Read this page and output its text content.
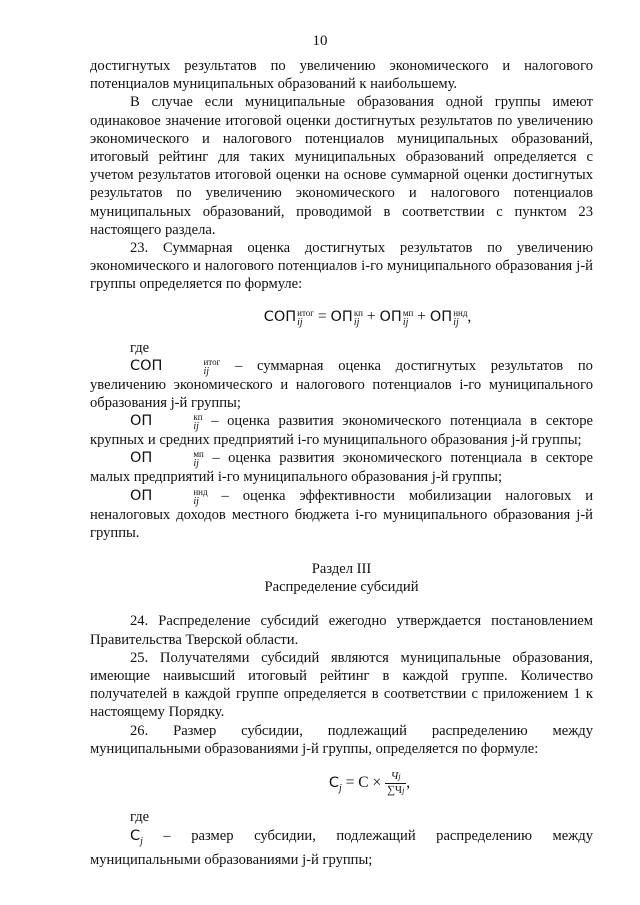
10

достигнутых результатов по увеличению экономического и налогового потенциалов муниципальных образований к наибольшему.

В случае если муниципальные образования одной группы имеют одинаковое значение итоговой оценки достигнутых результатов по увеличению экономического и налогового потенциалов муниципальных образований, итоговый рейтинг для таких муниципальных образований определяется с учетом результатов итоговой оценки на основе суммарной оценки достигнутых результатов по увеличению экономического и налогового потенциалов муниципальных образований, проводимой в соответствии с пунктом 23 настоящего раздела.

23. Суммарная оценка достигнутых результатов по увеличению экономического и налогового потенциалов i-го муниципального образования j-й группы определяется по формуле:

СОП итог
ij = ОП кп
ij + ОП мп
ij + ОП ннд
ij ,

где

СОП	итог
ij	– суммарная оценка достигнутых результатов по увеличению экономического и налогового потенциалов i-го муниципального образования j-й группы;

ОП	кп
ij – оценка развития экономического потенциала в секторе крупных и средних предприятий i-го муниципального образования j-й группы;

ОП	мп
ij – оценка развития экономического потенциала в секторе малых предприятий i-го муниципального образования j-й группы;

ОП	ннд
ij	– оценка эффективности мобилизации налоговых и неналоговых доходов местного бюджета i-го муниципального образования j-й группы.

Раздел III

Распределение субсидий

24. Распределение субсидий ежегодно утверждается постановлением Правительства Тверской области.

25. Получателями субсидий являются муниципальные образования, имеющие наивысший итоговый рейтинг в каждой группе. Количество получателей в каждой группе определяется в соответствии с приложением 1 к настоящему Порядку.

26. Размер субсидии, подлежащий распределению между муниципальными образованиями j-й группы, определяется по формуле:

$С_j = С \times \frac{Чj}{\sum Чj}$ ,

где

$С_j$ – размер субсидии, подлежащий распределению между муниципальными образованиями j-й группы;
